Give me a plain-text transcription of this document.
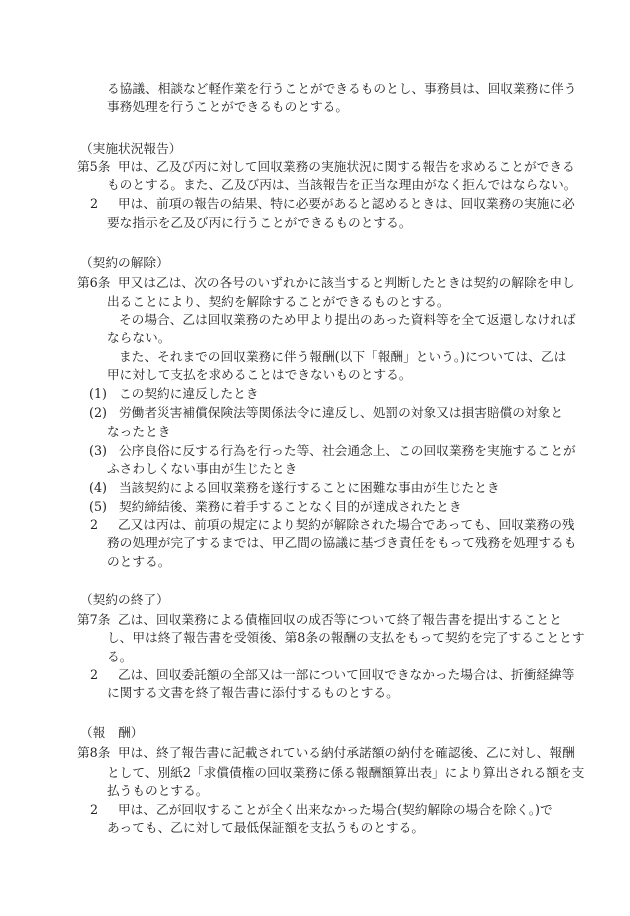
る協議、相談など軽作業を行うことができるものとし、事務員は、回収業務に伴う
事務処理を行うことができるものとする。
（実施状況報告）
第5条 甲は、乙及び丙に対して回収業務の実施状況に関する報告を求めることができる
ものとする。また、乙及び丙は、当該報告を正当な理由がなく拒んではならない。
2 甲は、前項の報告の結果、特に必要があると認めるときは、回収業務の実施に必
要な指示を乙及び丙に行うことができるものとする。
（契約の解除）
第6条 甲又は乙は、次の各号のいずれかに該当すると判断したときは契約の解除を申し
出ることにより、契約を解除することができるものとする。
その場合、乙は回収業務のため甲より提出のあった資料等を全て返還しなければ
ならない。
また、それまでの回収業務に伴う報酬(以下「報酬」という。)については、乙は
甲に対して支払を求めることはできないものとする。
(1) この契約に違反したとき
(2) 労働者災害補償保険法等関係法令に違反し、処罰の対象又は損害賠償の対象と
なったとき
(3) 公序良俗に反する行為を行った等、社会通念上、この回収業務を実施することが
ふさわしくない事由が生じたとき
(4) 当該契約による回収業務を遂行することに困難な事由が生じたとき
(5) 契約締結後、業務に着手することなく目的が達成されたとき
2 乙又は丙は、前項の規定により契約が解除された場合であっても、回収業務の残
務の処理が完了するまでは、甲乙間の協議に基づき責任をもって残務を処理するも
のとする。
（契約の終了）
第7条 乙は、回収業務による債権回収の成否等について終了報告書を提出することと
し、甲は終了報告書を受領後、第8条の報酬の支払をもって契約を完了することとす
る。
2 乙は、回収委託額の全部又は一部について回収できなかった場合は、折衝経緯等
に関する文書を終了報告書に添付するものとする。
（報　酬）
第8条 甲は、終了報告書に記載されている納付承諾額の納付を確認後、乙に対し、報酬
として、別紙2「求償債権の回収業務に係る報酬額算出表」により算出される額を支
払うものとする。
2 甲は、乙が回収することが全く出来なかった場合(契約解除の場合を除く。)で
あっても、乙に対して最低保証額を支払うものとする。
